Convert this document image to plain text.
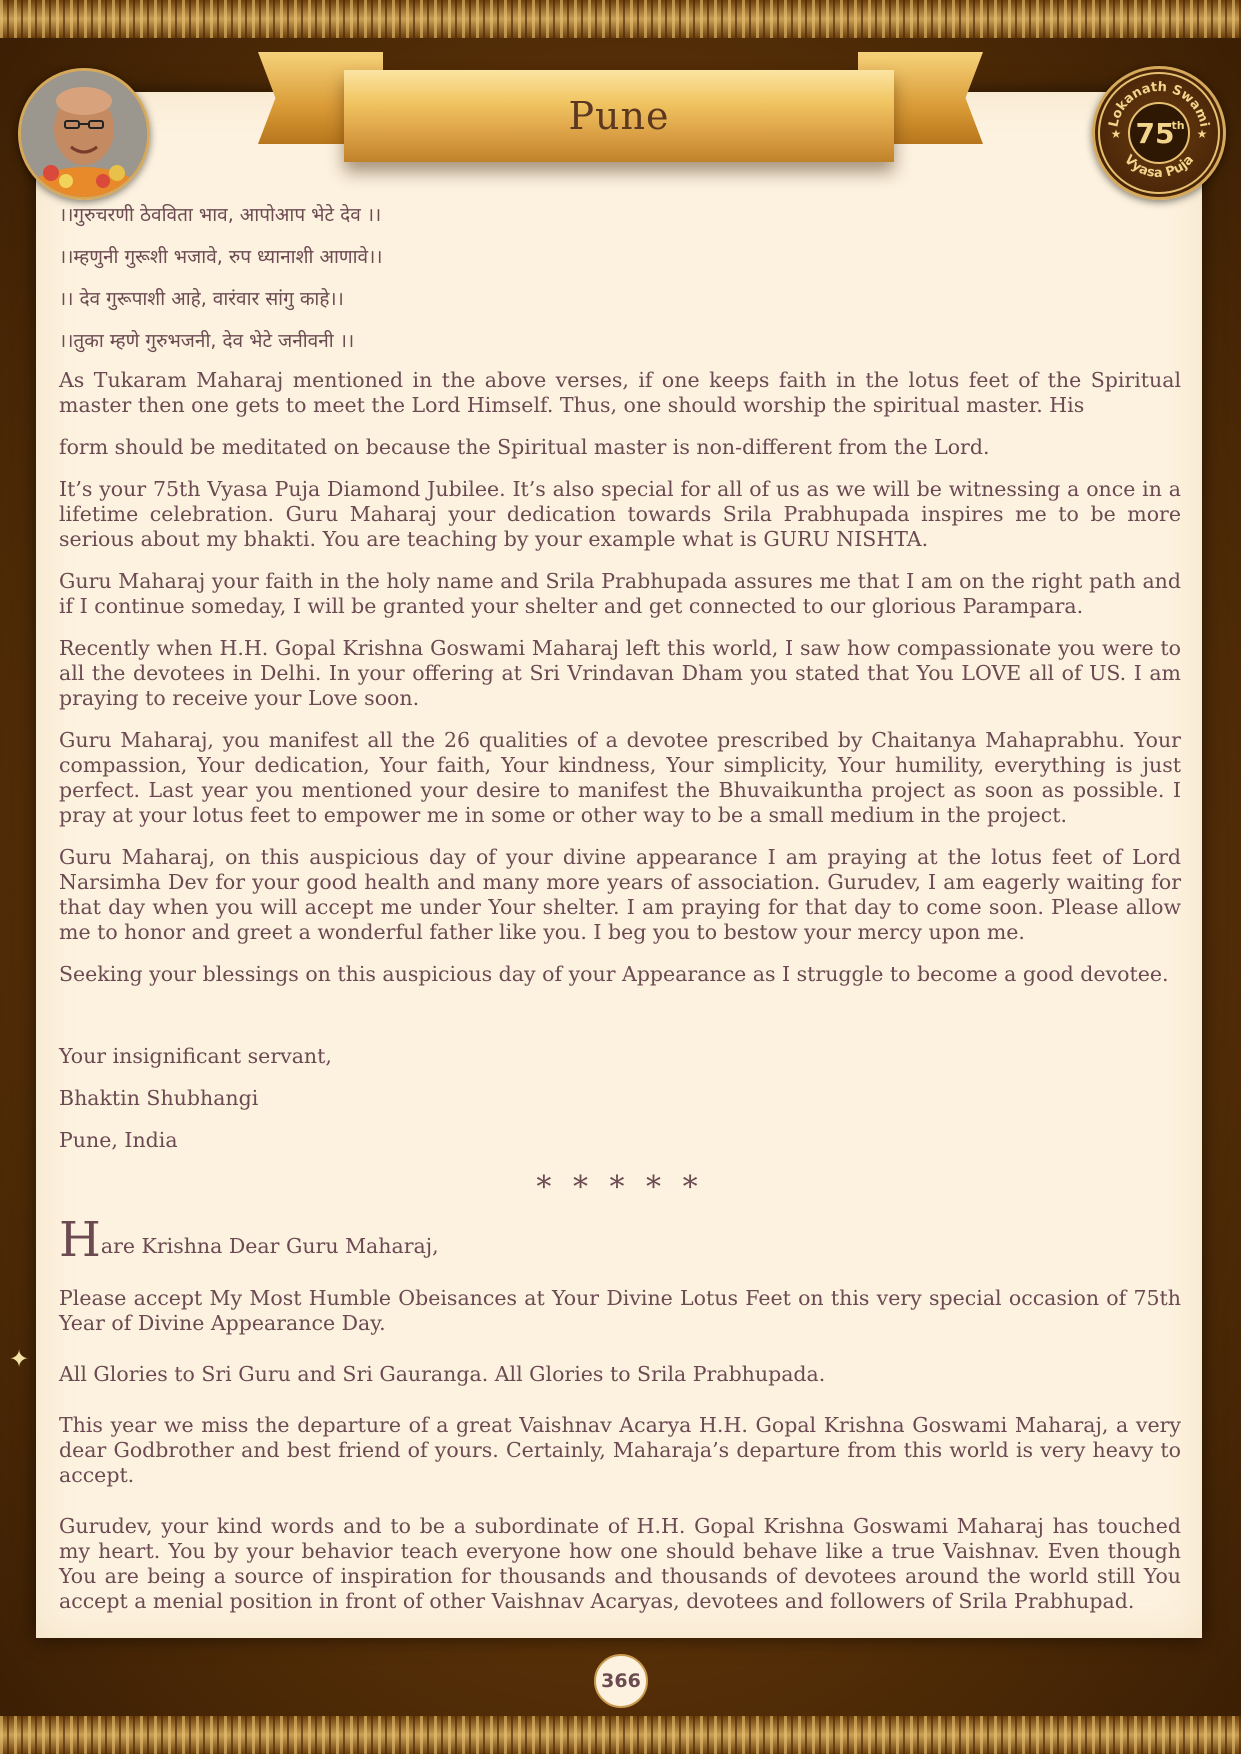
Pune	Lokanath Swami
Vyasa Puja
75
th
★	★

।।गुरुचरणी ठेवविता भाव, आपोआप भेटे देव ।।

।।म्हणुनी गुरूशी भजावे, रुप ध्यानाशी आणावे।।

।। देव गुरूपाशी आहे, वारंवार सांगु काहे।।

।।तुका म्हणे गुरुभजनी, देव भेटे जनीवनी ।।

As Tukaram Maharaj mentioned in the above verses, if one keeps faith in the lotus feet of the Spiritual master then one gets to meet the Lord Himself. Thus, one should worship the spiritual master. His

form should be meditated on because the Spiritual master is non-different from the Lord.

It’s your 75th Vyasa Puja Diamond Jubilee. It’s also special for all of us as we will be witnessing a once in a lifetime celebration. Guru Maharaj your dedication towards Srila Prabhupada inspires me to be more serious about my bhakti. You are teaching by your example what is GURU NISHTA.

Guru Maharaj your faith in the holy name and Srila Prabhupada assures me that I am on the right path and if I continue someday, I will be granted your shelter and get connected to our glorious Parampara.

Recently when H.H. Gopal Krishna Goswami Maharaj left this world, I saw how compassionate you were to all the devotees in Delhi. In your offering at Sri Vrindavan Dham you stated that You LOVE all of US. I am praying to receive your Love soon.

Guru Maharaj, you manifest all the 26 qualities of a devotee prescribed by Chaitanya Mahaprabhu. Your compassion, Your dedication, Your faith, Your kindness, Your simplicity, Your humility, everything is just perfect. Last year you mentioned your desire to manifest the Bhuvaikuntha project as soon as possible. I pray at your lotus feet to empower me in some or other way to be a small medium in the project.

Guru Maharaj, on this auspicious day of your divine appearance I am praying at the lotus feet of Lord Narsimha Dev for your good health and many more years of association. Gurudev, I am eagerly waiting for that day when you will accept me under Your shelter. I am praying for that day to come soon. Please allow me to honor and greet a wonderful father like you. I beg you to bestow your mercy upon me.

Seeking your blessings on this auspicious day of your Appearance as I struggle to become a good devotee.

Your insignificant servant,

Bhaktin Shubhangi

Pune, India

* * * * *

Hare Krishna Dear Guru Maharaj,

Please accept My Most Humble Obeisances at Your Divine Lotus Feet on this very special occasion of 75th Year of Divine Appearance Day.

All Glories to Sri Guru and Sri Gauranga. All Glories to Srila Prabhupada.

This year we miss the departure of a great Vaishnav Acarya H.H. Gopal Krishna Goswami Maharaj, a very dear Godbrother and best friend of yours. Certainly, Maharaja’s departure from this world is very heavy to accept.

Gurudev, your kind words and to be a subordinate of H.H. Gopal Krishna Goswami Maharaj has touched my heart. You by your behavior teach everyone how one should behave like a true Vaishnav. Even though You are being a source of inspiration for thousands and thousands of devotees around the world still You accept a menial position in front of other Vaishnav Acaryas, devotees and followers of Srila Prabhupad.

✦
366
